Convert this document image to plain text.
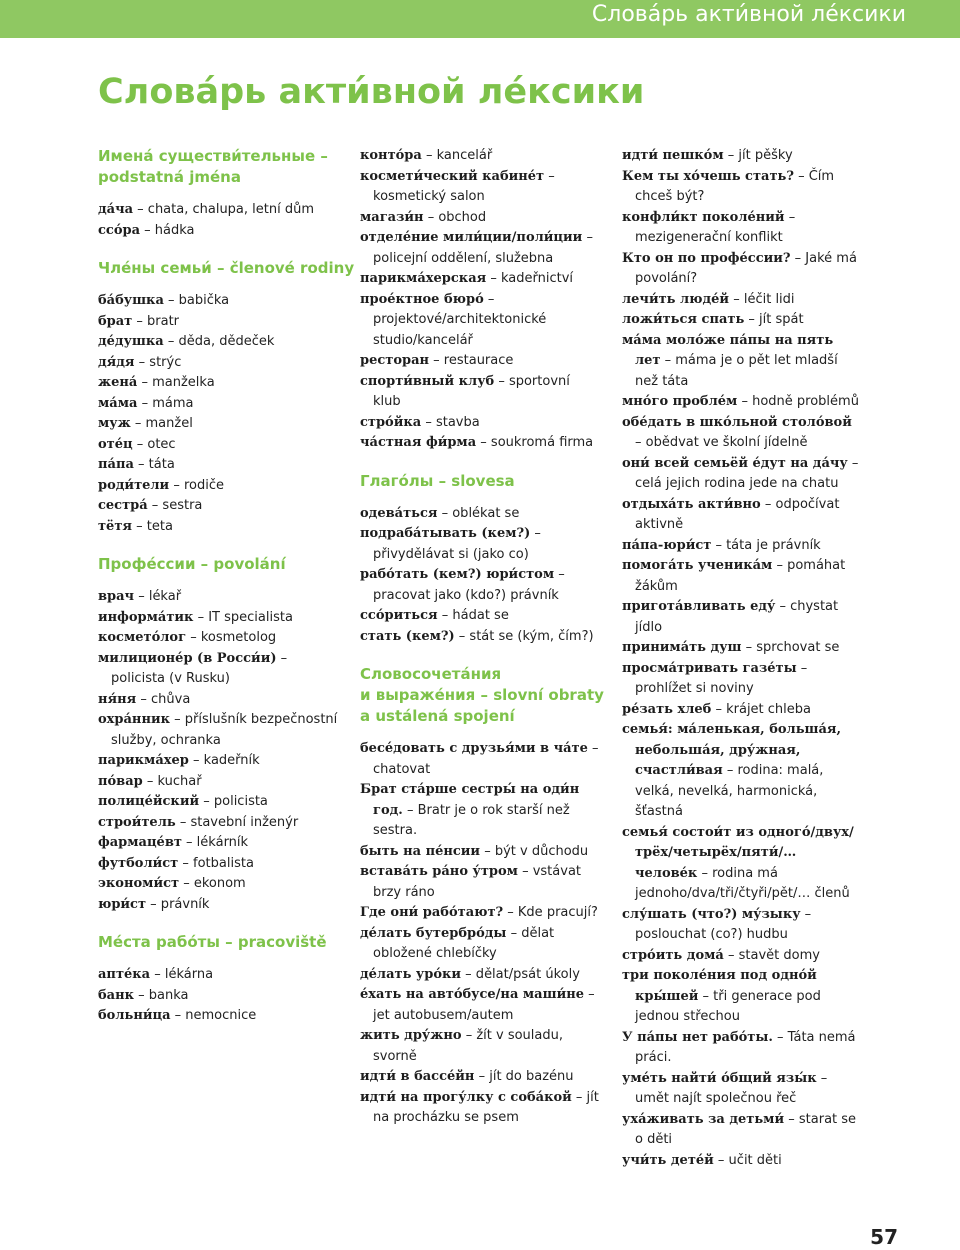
Слова́рь акти́вной ле́ксики
Слова́рь акти́вной ле́ксики
Имена́ существи́тельные –
podstatná jména
да́ча – chata, chalupa, letní dům
ссо́ра – hádka
Чле́ны семьи́ – členové rodiny
ба́бушка – babička
брат – bratr
де́душка – děda, dědeček
дя́дя – strýc
жена́ – manželka
ма́ма – máma
муж – manžel
оте́ц – otec
па́па – táta
роди́тели – rodiče
сестра́ – sestra
тётя – teta
Профе́ссии – povolání
врач – lékař
информа́тик – IT specialista
космето́лог – kosmetolog
милиционе́р (в Росси́и) – policista (v Rusku)
ня́ня – chůva
охра́нник – příslušník bezpečnostní služby, ochranka
парикма́хер – kadeřník
по́вар – kuchař
полице́йский – policista
строи́тель – stavební inženýr
фармаце́вт – lékárník
футболи́ст – fotbalista
экономи́ст – ekonom
юри́ст – právník
Ме́ста рабо́ты – pracoviště
апте́ка – lékárna
банк – banka
больни́ца – nemocnice
конто́ра – kancelář
космети́ческий кабине́т – kosmetický salon
магази́н – obchod
отделе́ние мили́ции/поли́ции – policejní oddělení, služebna
парикма́херская – kadeřnictví
прое́ктное бюро́ – projektové/architektonické studio/kancelář
ресторан – restaurace
спорти́вный клуб – sportovní klub
стро́йка – stavba
ча́стная фи́рма – soukromá firma
Глаго́лы – slovesa
одева́ться – oblékat se
подраба́тывать (кем?) – přivydělávat si (jako co)
рабо́тать (кем?) юри́стом – pracovat jako (kdo?) právník
ссо́риться – hádat se
стать (кем?) – stát se (kým, čím?)
Словосочета́ния
и выраже́ния – slovní obraty
a ustálená spojení
бесе́довать с друзья́ми в ча́те – chatovat
Брат ста́рше сестры́ на оди́н год. – Bratr je o rok starší než sestra.
быть на пе́нсии – být v důchodu
встава́ть ра́но у́тром – vstávat brzy ráno
Где они́ рабо́тают? – Kde pracují?
де́лать бутербро́ды – dělat obložené chlebíčky
де́лать уро́ки – dělat/psát úkoly
е́хать на авто́бусе/на маши́не – jet autobusem/autem
жить дру́жно – žít v souladu, svorně
идти́ в бассе́йн – jít do bazénu
идти́ на прогу́лку с соба́кой – jít na procházku se psem
идти́ пешко́м – jít pěšky
Кем ты хо́чешь стать? – Čím chceš být?
конфли́кт поколе́ний – mezigenerační konflikt
Кто он по профе́ссии? – Jaké má povolání?
лечи́ть люде́й – léčit lidi
ложи́ться спать – jít spát
ма́ма моло́же па́пы на пять лет – máma je o pět let mladší než táta
мно́го пробле́м – hodně problémů
обе́дать в шко́льной столо́вой – obědvat ve školní jídelně
они́ всей семьёй е́дут на да́чу – celá jejich rodina jede na chatu
отдыха́ть акти́вно – odpočívat aktivně
па́па-юри́ст – táta je právník
помога́ть ученика́м – pomáhat žákům
пригота́вливать еду́ – chystat jídlo
принима́ть душ – sprchovat se
просма́тривать газе́ты – prohlížet si noviny
ре́зать хлеб – krájet chleba
семья́: ма́ленькая, больша́я, небольша́я, дру́жная, счастли́вая – rodina: malá, velká, nevelká, harmonická, šťastná
семья́ состои́т из одного́/двух/трёх/четырёх/пяти́/… челове́к – rodina má jednoho/dva/tři/čtyři/pět/… členů
слу́шать (что?) му́зыку – poslouchat (co?) hudbu
стро́ить дома́ – stavět domy
три поколе́ния под одно́й кры́шей – tři generace pod jednou střechou
У па́пы нет рабо́ты. – Táta nemá práci.
уме́ть найти́ о́бщий язы́к – umět najít společnou řeč
уха́живать за детьми́ – starat se o děti
учи́ть дете́й – učit děti
57
